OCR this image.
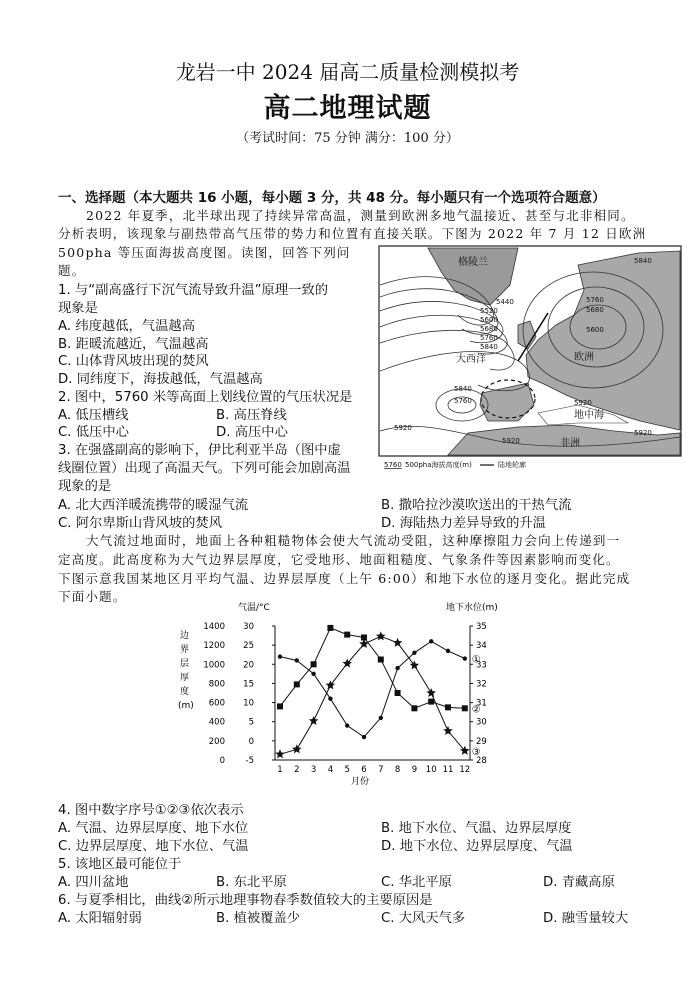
龙岩一中 2024 届高二质量检测模拟考
高二地理试题
（考试时间：75 分钟 满分：100 分）
一、选择题（本大题共 16 小题，每小题 3 分，共 48 分。每小题只有一个选项符合题意）
2022 年夏季，北半球出现了持续异常高温，测量到欧洲多地气温接近、甚至与北非相同。
分析表明，该现象与副热带高气压带的势力和位置有直接关联。下图为 2022 年 7 月 12 日欧洲
500pha 等压面海拔高度图。读图，回答下列问
题。
1. 与“副高盛行下沉气流导致升温”原理一致的
现象是
A. 纬度越低，气温越高
B. 距暖流越近，气温越高
C. 山体背风坡出现的焚风
D. 同纬度下，海拔越低，气温越高
2. 图中，5760 米等高面上划线位置的气压状况是
A. 低压槽线	B. 高压脊线
C. 低压中心	D. 高压中心
3. 在强盛副高的影响下，伊比利亚半岛（图中虚
线圈位置）出现了高温天气。下列可能会加剧高温
现象的是
A. 北大西洋暖流携带的暖湿气流	B. 撒哈拉沙漠吹送出的干热气流
C. 阿尔卑斯山背风坡的焚风	D. 海陆热力差异导致的升温
大气流过地面时，地面上各种粗糙物体会使大气流动受阻，这种摩擦阻力会向上传递到一
定高度。此高度称为大气边界层厚度，它受地形、地面粗糙度、气象条件等因素影响而变化。
下图示意我国某地区月平均气温、边界层厚度（上午 6:00）和地下水位的逐月变化。据此完成
下面小题。
格陵兰
大西洋	欧洲
地中海
非洲
5440
5520
5600
5680
5760
5840
5840
5760
5680
5600
5840
5760
5920
5920
5920
5920
5760 500pha海拔高度(m)	陆地轮廓
气温/°C	地下水位(m)
月份
边
界
层
厚
度
(m)
0
200
400
600
800
1000
1200
1400
-5
0
5
10
15
20
25
30
28
29
30
31
32
33
34
35
1 2 3 4 5 6 7 8 9 10 11 12
①
②
③
4. 图中数字序号①②③依次表示
A. 气温、边界层厚度、地下水位	B. 地下水位、气温、边界层厚度
C. 边界层厚度、地下水位、气温	D. 地下水位、边界层厚度、气温
5. 该地区最可能位于
A. 四川盆地	B. 东北平原	C. 华北平原	D. 青藏高原
6. 与夏季相比，曲线②所示地理事物春季数值较大的主要原因是
A. 太阳辐射弱	B. 植被覆盖少	C. 大风天气多	D. 融雪量较大
